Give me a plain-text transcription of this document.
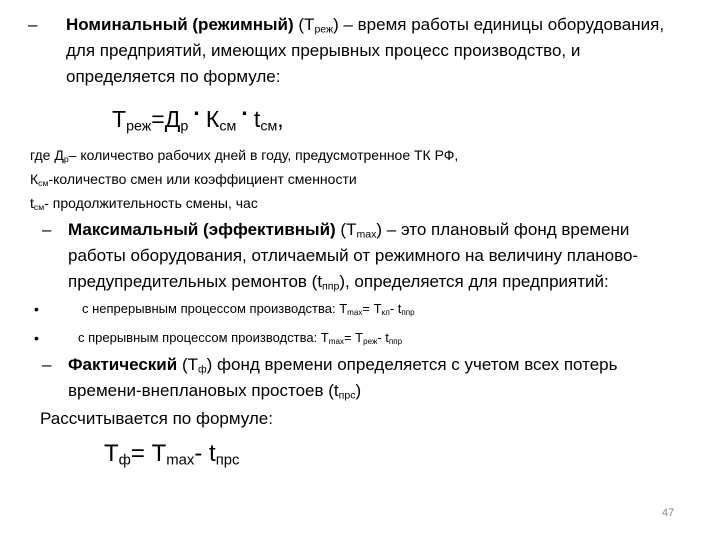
– Номинальный (режимный) $(Т_{реж})$ – время работы единицы оборудования,
для предприятий, имеющих прерывных процесс производство, и
определяется по формуле:
$Т_{реж}=Д_р\cdot К_{см}\cdot t_{см}$,
где $Д_р-$ количество рабочих дней в году, предусмотренное ТК РФ,
$К_{см}$-количество смен или коэффициент сменности
$t_{см}-$ продолжительность смены, час
– Максимальный (эффективный) $(Т_{max})$ – это плановый фонд времени
работы оборудования, отличаемый от режимного на величину планово-
предупредительных ремонтов $(t_{ппр})$, определяется для предприятий:
•	с непрерывным процессом производства: $Т_{max}= Т_{кл}-$ $t_{ппр}$
•	с прерывным процессом производства: $Т_{max}= Т_{реж}-$ $t_{ппр}$
– Фактический $(Т_ф)$ фонд времени определяется с учетом всех потерь
времени-внеплановых простоев $(t_{прс})$
Рассчитывается по формуле:
$Т_ф= Т_{max}-$ $t_{прс}$
47
